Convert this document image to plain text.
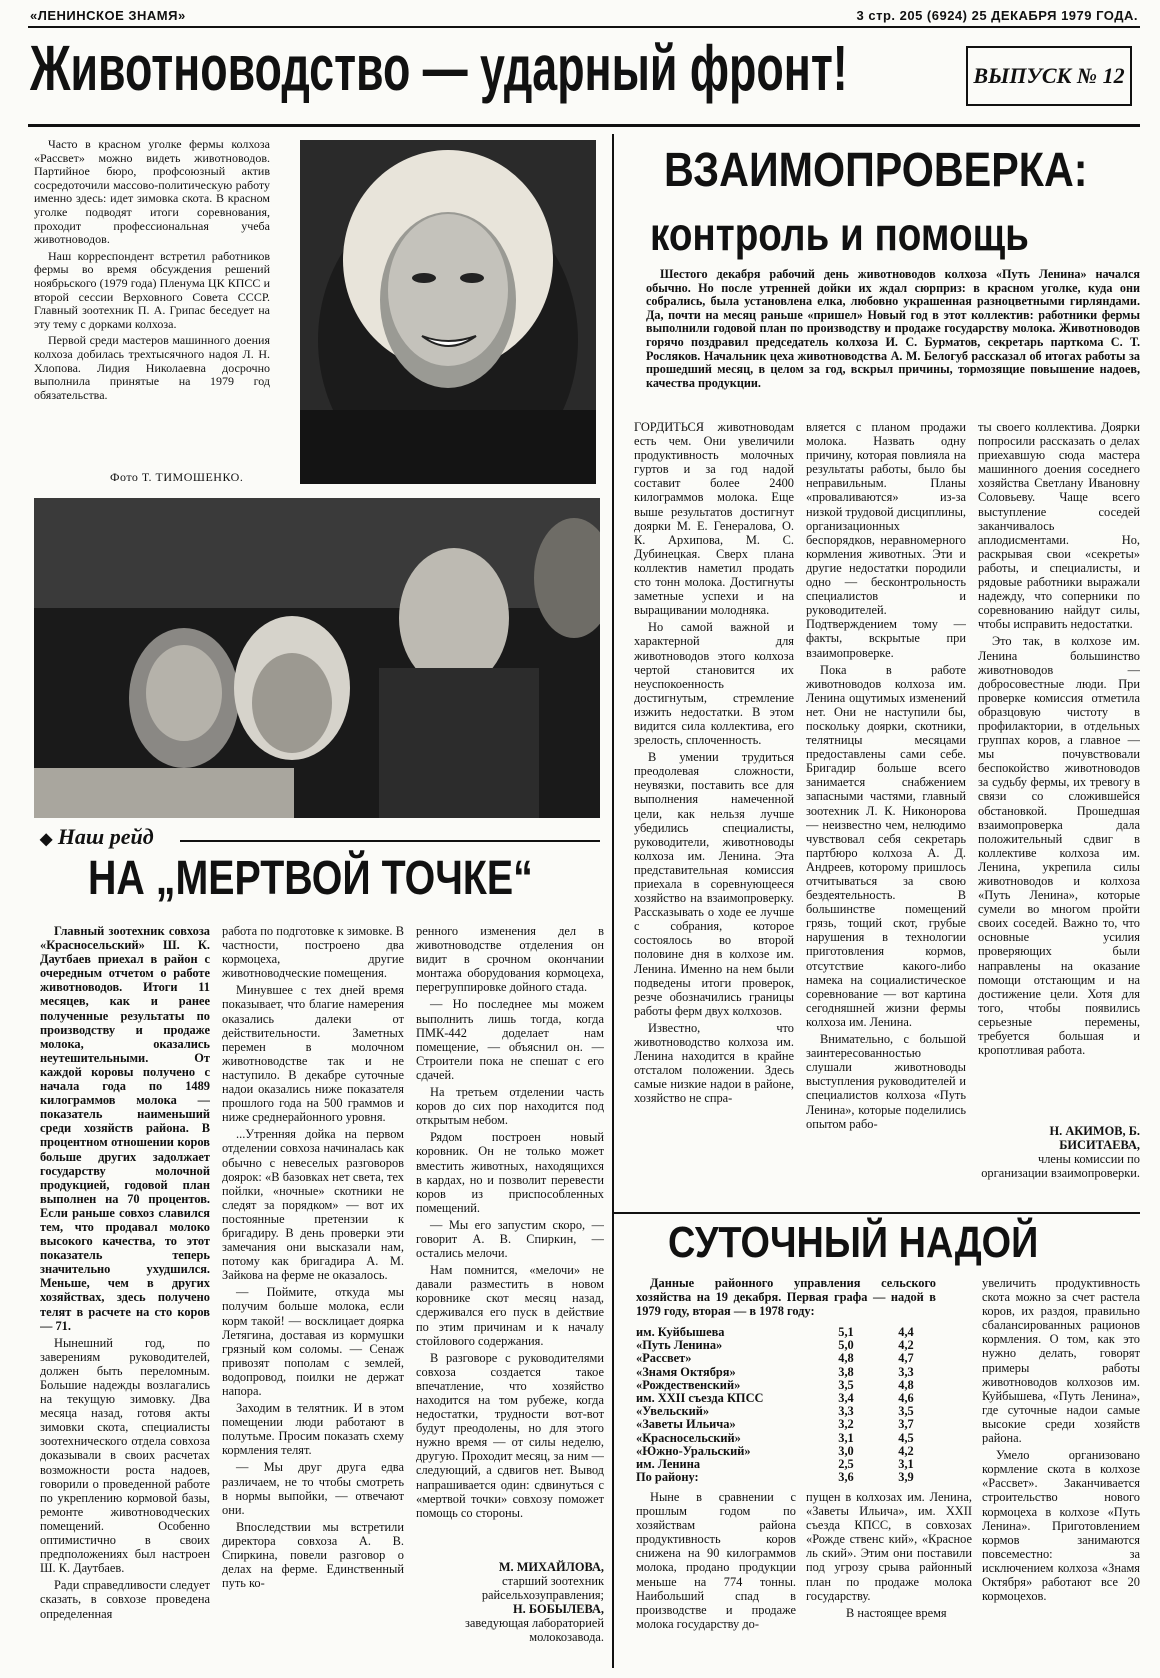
«ЛЕНИНСКОЕ ЗНАМЯ»	3 стр. 205 (6924) 25 ДЕКАБРЯ 1979 ГОДА.
Животноводство — ударный фронт!	ВЫПУСК № 12

Часто в красном уголке фермы колхоза «Рассвет» можно видеть животноводов. Партийное бюро, профсоюзный актив сосредоточили массово-политическую работу именно здесь: идет зимовка скота. В красном уголке подводят итоги соревнования, проходит профессиональная учеба животноводов.

Наш корреспондент встретил работников фермы во время обсуждения решений ноябрьского (1979 года) Пленума ЦК КПСС и второй сессии Верховного Совета СССР. Главный зоотехник П. А. Грипас беседует на эту тему с дорками колхоза.

Первой среди мастеров машинного доения колхоза добилась трехтысячного надоя Л. Н. Хлопова. Лидия Николаевна досрочно выполнила принятые на 1979 год обязательства.

Фото Т. ТИМОШЕНКО.
◆ Наш рейд
НА „МЕРТВОЙ ТОЧКЕ“

Главный зоотехник совхоза «Красносельский» Ш. К. Даутбаев приехал в район с очередным отчетом о работе животноводов. Итоги 11 месяцев, как и ранее полученные результаты по производству и продаже молока, оказались неутешительными. От каждой коровы получено с начала года по 1489 килограммов молока — показатель наименьший среди хозяйств района. В процентном отношении коров больше других задолжает государству молочной продукцией, годовой план выполнен на 70 процентов. Если раньше совхоз славился тем, что продавал молоко высокого качества, то этот показатель теперь значительно ухудшился. Меньше, чем в других хозяйствах, здесь получено телят в расчете на сто коров — 71.

Нынешний год, по заверениям руководителей, должен быть переломным. Большие надежды возлагались на текущую зимовку. Два месяца назад, готовя акты зимовки скота, специалисты зоотехнического отдела совхоза доказывали в своих расчетах возможности роста надоев, говорили о проведенной работе по укреплению кормовой базы, ремонте животноводческих помещений. Особенно оптимистично в своих предположениях был настроен Ш. К. Даутбаев.

Ради справедливости следует сказать, в совхозе проведена определенная

работа по подготовке к зимовке. В частности, построено два кормоцеха, другие животноводческие помещения.

Минувшее с тех дней время показывает, что благие намерения оказались далеки от действительности. Заметных перемен в молочном животноводстве так и не наступило. В декабре суточные надои оказались ниже показателя прошлого года на 500 граммов и ниже среднерайонного уровня.

...Утренняя дойка на первом отделении совхоза начиналась как обычно с невеселых разговоров доярок: «В базовках нет света, тех пойлки, «ночные» скотники не следят за порядком» — вот их постоянные претензии к бригадиру. В день проверки эти замечания они высказали нам, потому как бригадира А. М. Зайкова на ферме не оказалось.

— Поймите, откуда мы получим больше молока, если корм такой! — восклицает доярка Летягина, доставая из кормушки грязный ком соломы. — Сенаж привозят пополам с землей, водопровод, поилки не держат напора.

Заходим в телятник. И в этом помещении люди работают в полутьме. Просим показать схему кормления телят.

— Мы друг друга едва различаем, не то чтобы смотреть в нормы выпойки, — отвечают они.

Впоследствии мы встретили директора совхоза А. В. Спиркина, повели разговор о делах на ферме. Единственный путь ко-

ренного изменения дел в животноводстве отделения он видит в срочном окончании монтажа оборудования кормоцеха, перегруппировке дойного стада.

— Но последнее мы можем выполнить лишь тогда, когда ПМК-442 доделает нам помещение, — объяснил он. — Строители пока не спешат с его сдачей.

На третьем отделении часть коров до сих пор находится под открытым небом.

Рядом построен новый коровник. Он не только может вместить животных, находящихся в кардах, но и позволит перевести коров из приспособленных помещений.

— Мы его запустим скоро, — говорит А. В. Спиркин, — остались мелочи.

Нам помнится, «мелочи» не давали разместить в новом коровнике скот месяц назад, сдерживался его пуск в действие по этим причинам и к началу стойлового содержания.

В разговоре с руководителями совхоза создается такое впечатление, что хозяйство находится на том рубеже, когда недостатки, трудности вот-вот будут преодолены, но для этого нужно время — от силы неделю, другую. Проходит месяц, за ним — следующий, а сдвигов нет. Вывод напрашивается один: сдвинуться с «мертвой точки» совхозу поможет помощь со стороны.

М. МИХАЙЛОВА,
старший зоотехник райсельхозуправления;
Н. БОБЫЛЕВА,
заведующая лабораторией молокозавода.
ВЗАИМОПРОВЕРКА:
контроль и помощь

Шестого декабря рабочий день животноводов колхоза «Путь Ленина» начался обычно. Но после утренней дойки их ждал сюрприз: в красном уголке, куда они собрались, была установлена елка, любовно украшенная разноцветными гирляндами. Да, почти на месяц раньше «пришел» Новый год в этот коллектив: работники фермы выполнили годовой план по производству и продаже государству молока. Животноводов горячо поздравил председатель колхоза И. С. Бурматов, секретарь парткома С. Т. Росляков. Начальник цеха животноводства А. М. Белогуб рассказал об итогах работы за прошедший месяц, в целом за год, вскрыл причины, тормозящие повышение надоев, качества продукции.

ГОРДИТЬСЯ животноводам есть чем. Они увеличили продуктивность молочных гуртов и за год надой составит более 2400 килограммов молока. Еще выше результатов достигнут доярки М. Е. Генералова, О. К. Архипова, М. С. Дубинецкая. Сверх плана коллектив наметил продать сто тонн молока. Достигнуты заметные успехи и на выращивании молодняка.

Но самой важной и характерной для животноводов этого колхоза чертой становится их неуспокоенность достигнутым, стремление изжить недостатки. В этом видится сила коллектива, его зрелость, сплоченность.

В умении трудиться преодолевая сложности, неувязки, поставить все для выполнения намеченной цели, как нельзя лучше убедились специалисты, руководители, животноводы колхоза им. Ленина. Эта представительная комиссия приехала в соревнующееся хозяйство на взаимопроверку. Рассказывать о ходе ее лучше с собрания, которое состоялось во второй половине дня в колхозе им. Ленина. Именно на нем были подведены итоги проверок, резче обозначились границы работы ферм двух колхозов.

Известно, что животноводство колхоза им. Ленина находится в крайне отсталом положении. Здесь самые низкие надои в районе, хозяйство не спра-

вляется с планом продажи молока. Назвать одну причину, которая повлияла на результаты работы, было бы неправильным. Планы «проваливаются» из-за низкой трудовой дисциплины, организационных беспорядков, неравномерного кормления животных. Эти и другие недостатки породили одно — бесконтрольность специалистов и руководителей. Подтверждением тому — факты, вскрытые при взаимопроверке.

Пока в работе животноводов колхоза им. Ленина ощутимых изменений нет. Они не наступили бы, поскольку доярки, скотники, телятницы месяцами предоставлены сами себе. Бригадир больше всего занимается снабжением запасными частями, главный зоотехник Л. К. Никонорова — неизвестно чем, нелюдимо чувствовал себя секретарь партбюро колхоза А. Д. Андреев, которому пришлось отчитываться за свою бездеятельность. В большинстве помещений грязь, тощий скот, грубые нарушения в технологии приготовления кормов, отсутствие какого-либо намека на социалистическое соревнование — вот картина сегодняшней жизни фермы колхоза им. Ленина.

Внимательно, с большой заинтересованностью слушали животноводы выступления руководителей и специалистов колхоза «Путь Ленина», которые поделились опытом рабо-

ты своего коллектива. Доярки попросили рассказать о делах приехавшую сюда мастера машинного доения соседнего хозяйства Светлану Ивановну Соловьеву. Чаще всего выступление соседей заканчивалось аплодисментами. Но, раскрывая свои «секреты» работы, и специалисты, и рядовые работники выражали надежду, что соперники по соревнованию найдут силы, чтобы исправить недостатки.

Это так, в колхозе им. Ленина большинство животноводов — добросовестные люди. При проверке комиссия отметила образцовую чистоту в профилактории, в отдельных группах коров, а главное — мы почувствовали беспокойство животноводов за судьбу фермы, их тревогу в связи со сложившейся обстановкой. Прошедшая взаимопроверка дала положительный сдвиг в коллективе колхоза им. Ленина, укрепила силы животноводов и колхоза «Путь Ленина», которые сумели во многом пройти своих соседей. Важно то, что основные усилия проверяющих были направлены на оказание помощи отстающим и на достижение цели. Хотя для того, чтобы появились серьезные перемены, требуется большая и кропотливая работа.

Н. АКИМОВ, Б. БИСИТАЕВА,
члены комиссии по организации взаимопроверки.
СУТОЧНЫЙ НАДОЙ

Данные районного управления сельского хозяйства на 19 декабря. Первая графа — надой в 1979 году, вторая — в 1978 году:

им. Куйбышева	5,1	4,4
«Путь Ленина»	5,0	4,2
«Рассвет»	4,8	4,7
«Знамя Октября»	3,8	3,3
«Рождественский»	3,5	4,8
им. XXII съезда КПСС	3,4	4,6
«Увельский»	3,3	3,5
«Заветы Ильича»	3,2	3,7
«Красносельский»	3,1	4,5
«Южно-Уральский»	3,0	4,2
им. Ленина	2,5	3,1
По району:	3,6	3,9

Ныне в сравнении с прошлым годом по хозяйствам района продуктивность коров снижена на 90 килограммов молока, продано продукции меньше на 774 тонны. Наибольший спад в производстве и продаже молока государству до-

пущен в колхозах им. Ленина, «Заветы Ильича», им. XXII съезда КПСС, в совхозах «Рожде ственс кий», «Красное ль ский». Этим они поставили под угрозу срыва районный план по продаже молока государству.

В настоящее время

увеличить продуктивность скота можно за счет растела коров, их раздоя, правильно сбалансированных рационов кормления. О том, как это нужно делать, говорят примеры работы животноводов колхозов им. Куйбышева, «Путь Ленина», где суточные надои самые высокие среди хозяйств района.

Умело организовано кормление скота в колхозе «Рассвет». Заканчивается строительство нового кормоцеха в колхозе «Путь Ленина». Приготовлением кормов занимаются повсеместно: за исключением колхоза «Знамя Октября» работают все 20 кормоцехов.
